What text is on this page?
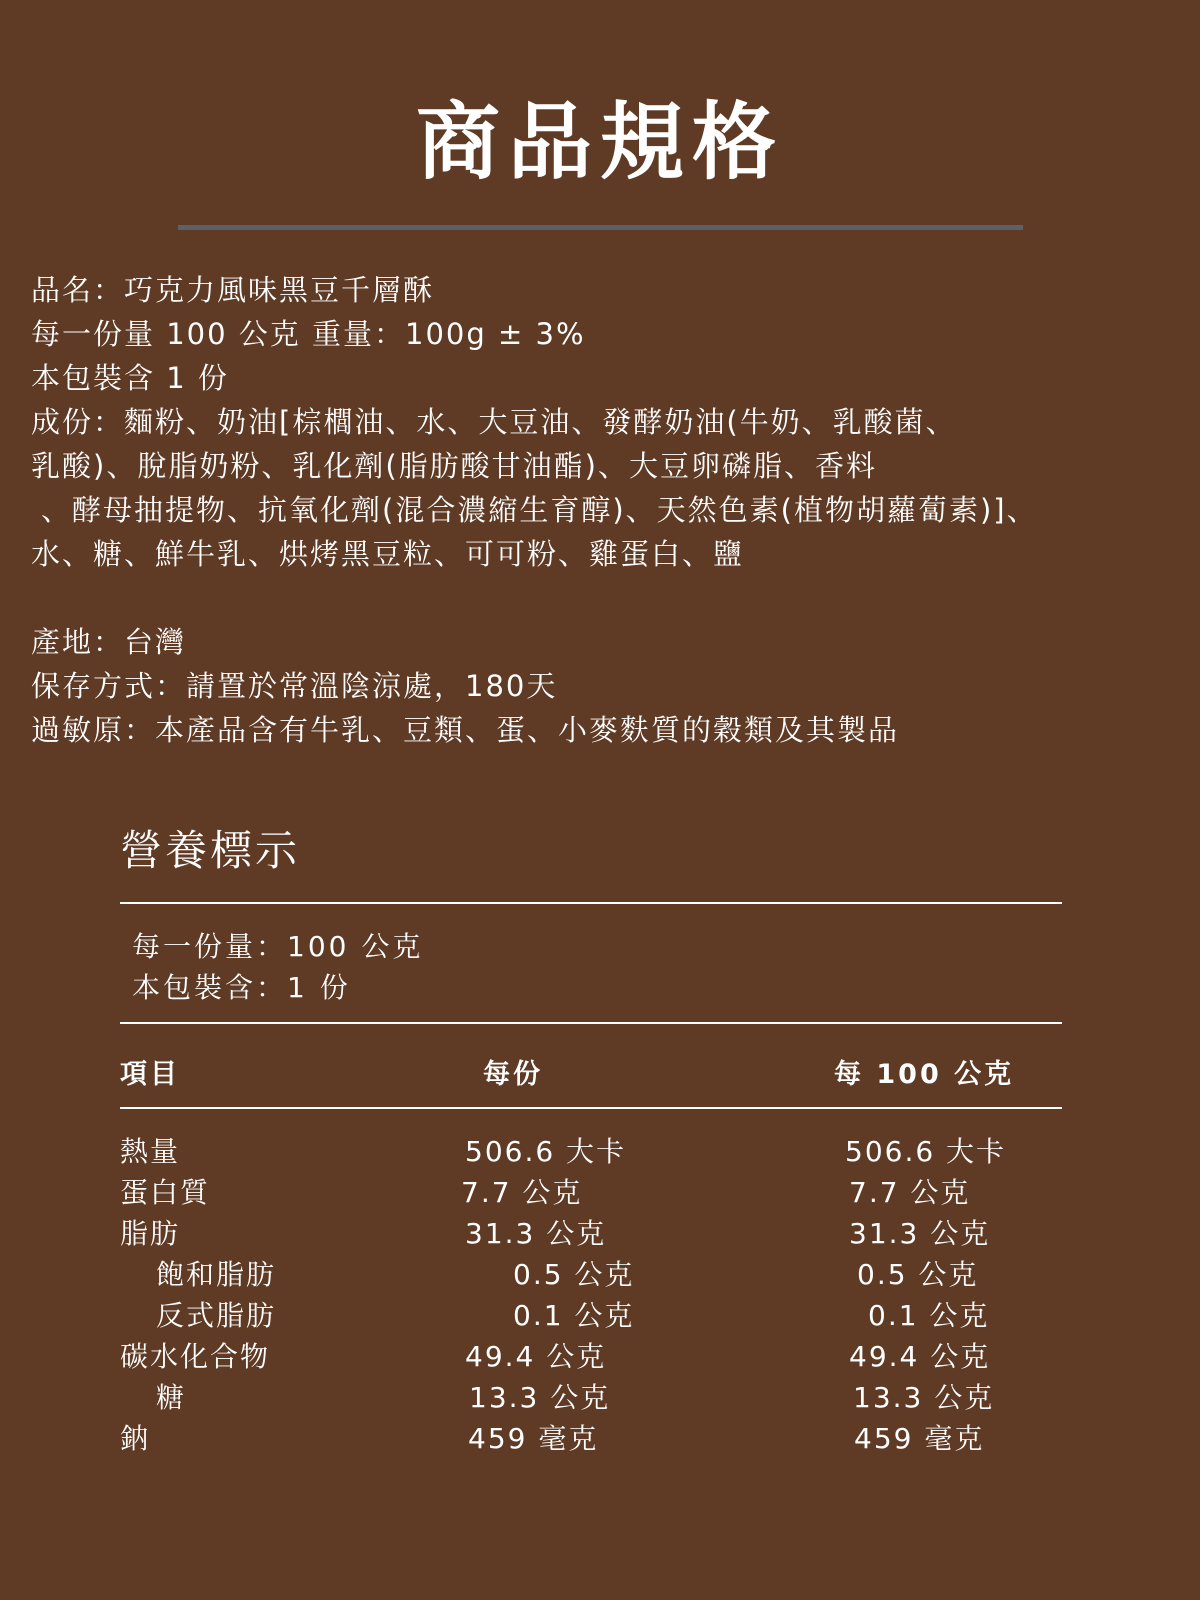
商品規格
品名：巧克力風味黑豆千層酥
每一份量 100 公克 重量：100g ± 3%
本包裝含 1 份
成份：麵粉、奶油[棕櫚油、水、大豆油、發酵奶油(牛奶、乳酸菌、
乳酸)、脫脂奶粉、乳化劑(脂肪酸甘油酯)、大豆卵磷脂、香料
、酵母抽提物、抗氧化劑(混合濃縮生育醇)、天然色素(植物胡蘿蔔素)]、
水、糖、鮮牛乳、烘烤黑豆粒、可可粉、雞蛋白、鹽
產地：台灣
保存方式：請置於常溫陰涼處，180天
過敏原：本產品含有牛乳、豆類、蛋、小麥麩質的穀類及其製品
營養標示
每一份量：100 公克
本包裝含：1 份
項目	每份	每 100 公克
熱量	506.6 大卡	506.6 大卡
蛋白質	7.7 公克	7.7 公克
脂肪	31.3 公克	31.3 公克
飽和脂肪	0.5 公克	0.5 公克
反式脂肪	0.1 公克	0.1 公克
碳水化合物	49.4 公克	49.4 公克
糖	13.3 公克	13.3 公克
鈉	459 毫克	459 毫克
